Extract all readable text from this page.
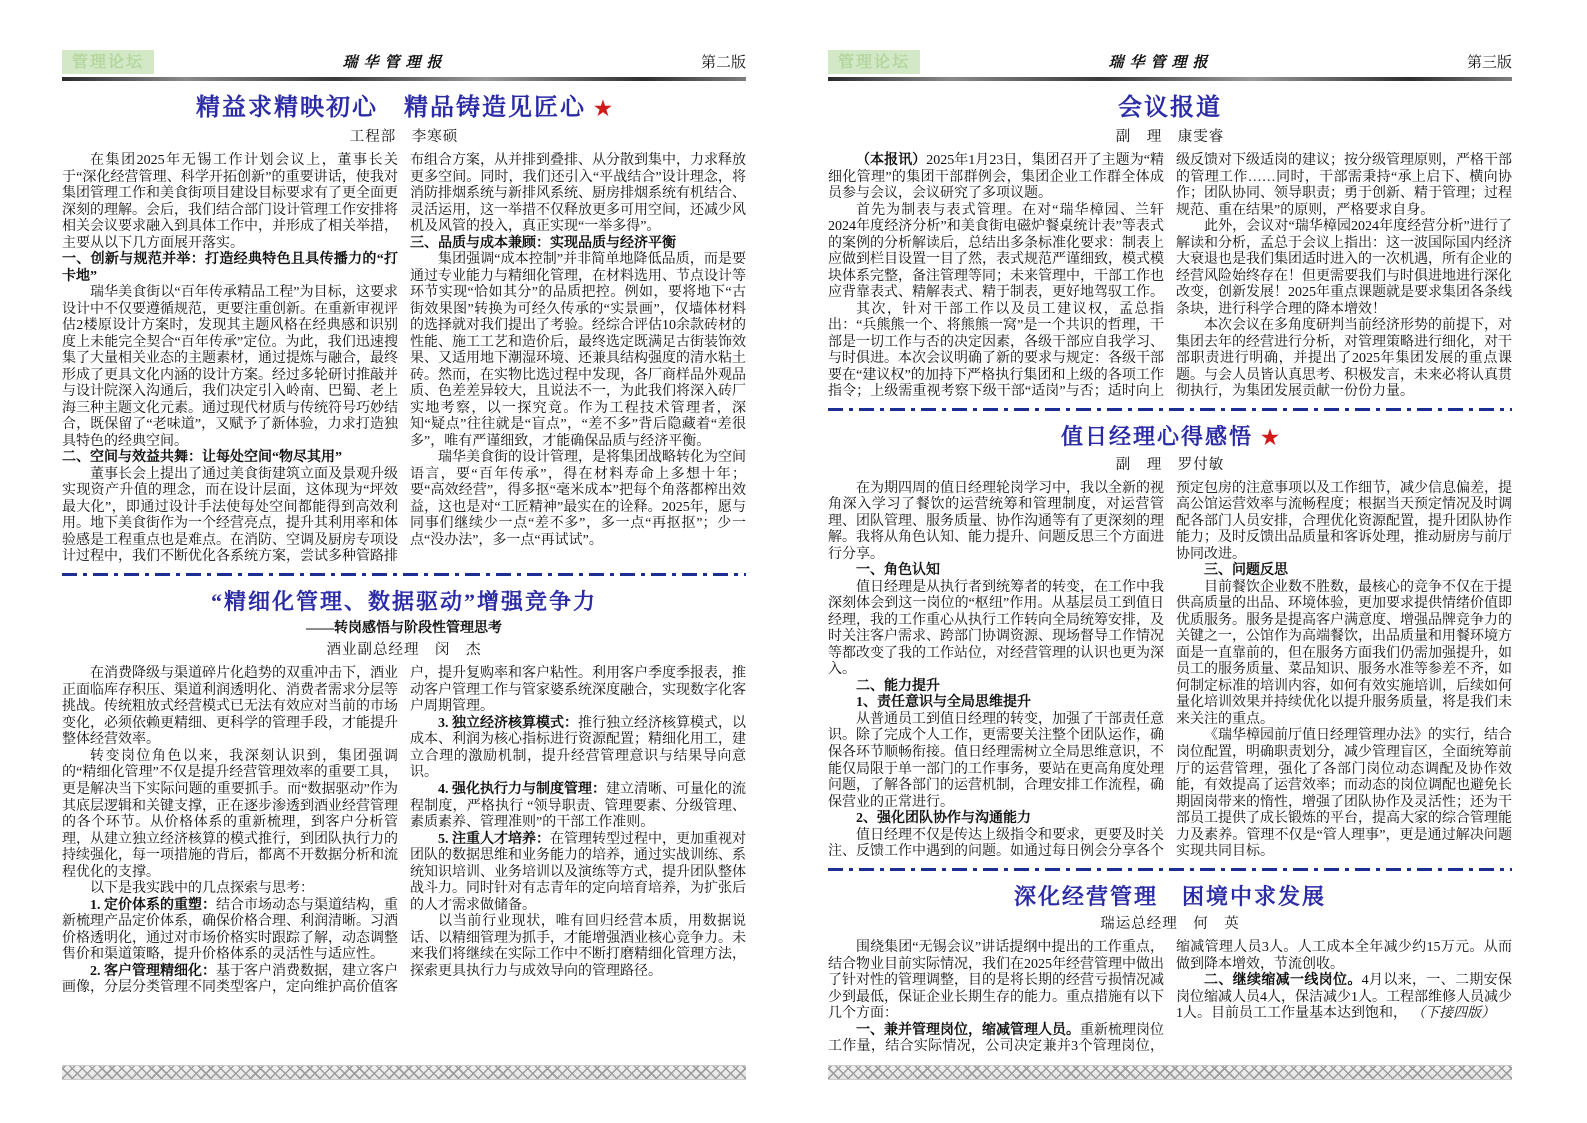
管理论坛	瑞华管理报	第二版
精益求精映初心　精品铸造见匠心 ★
工程部　李寒硕

在集团2025年无锡工作计划会议上，董事长关于“深化经营管理、科学开拓创新”的重要讲话，使我对集团管理工作和美食街项目建设目标要求有了更全面更深刻的理解。会后，我们结合部门设计管理工作安排将相关会议要求融入到具体工作中，并形成了相关举措，主要从以下几方面展开落实。

一、创新与规范并举：打造经典特色且具传播力的“打卡地”

瑞华美食街以“百年传承精品工程”为目标，这要求设计中不仅要遵循规范，更要注重创新。在重新审视评估2楼原设计方案时，发现其主题风格在经典感和识别度上未能完全契合“百年传承”定位。为此，我们迅速搜集了大量相关业态的主题素材，通过提炼与融合，最终形成了更具文化内涵的设计方案。经过多轮研讨推敲并与设计院深入沟通后，我们决定引入岭南、巴蜀、老上海三种主题文化元素。通过现代材质与传统符号巧妙结合，既保留了“老味道”，又赋予了新体验，力求打造独具特色的经典空间。

二、空间与效益共舞：让每处空间“物尽其用”

董事长会上提出了通过美食街建筑立面及景观升级实现资产升值的理念，而在设计层面，这体现为“坪效最大化”，即通过设计手法使每处空间都能得到高效利用。地下美食街作为一个经营亮点，提升其利用率和体验感是工程重点也是难点。在消防、空调及厨房专项设计过程中，我们不断优化各系统方案，尝试多种管路排布组合方案，从并排到叠排、从分散到集中，力求释放更多空间。同时，我们还引入“平战结合”设计理念，将消防排烟系统与新排风系统、厨房排烟系统有机结合、灵活运用，这一举措不仅释放更多可用空间，还减少风机及风管的投入，真正实现“一举多得”。

三、品质与成本兼顾：实现品质与经济平衡

集团强调“成本控制”并非简单地降低品质，而是要通过专业能力与精细化管理，在材料选用、节点设计等环节实现“恰如其分”的品质把控。例如，要将地下“古街效果图”转换为可经久传承的“实景画”，仅墙体材料的选择就对我们提出了考验。经综合评估10余款砖材的性能、施工工艺和造价后，最终选定既满足古街装饰效果、又适用地下潮湿环境、还兼具结构强度的清水粘土砖。然而，在实物比选过程中发现，各厂商样品外观品质、色差差异较大，且说法不一，为此我们将深入砖厂实地考察，以一探究竟。作为工程技术管理者，深知“疑点”往往就是“盲点”，“差不多”背后隐藏着“差很多”，唯有严谨细致，才能确保品质与经济平衡。

瑞华美食街的设计管理，是将集团战略转化为空间语言，要“百年传承”，得在材料寿命上多想十年；要“高效经营”，得多抠“毫米成本”把每个角落都榨出效益，这也是对“工匠精神”最实在的诠释。2025年，愿与同事们继续少一点“差不多”，多一点“再抠抠”；少一点“没办法”，多一点“再试试”。

“精细化管理、数据驱动”增强竞争力
——转岗感悟与阶段性管理思考
酒业副总经理　闵　杰

在消费降级与渠道碎片化趋势的双重冲击下，酒业正面临库存积压、渠道利润透明化、消费者需求分层等挑战。传统粗放式经营模式已无法有效应对当前的市场变化，必须依赖更精细、更科学的管理手段，才能提升整体经营效率。

转变岗位角色以来，我深刻认识到，集团强调的“精细化管理”不仅是提升经营管理效率的重要工具，更是解决当下实际问题的重要抓手。而“数据驱动”作为其底层逻辑和关键支撑，正在逐步渗透到酒业经营管理的各个环节。从价格体系的重新梳理，到客户分析管理，从建立独立经济核算的模式推行，到团队执行力的持续强化，每一项措施的背后，都离不开数据分析和流程优化的支撑。

以下是我实践中的几点探索与思考：

1. 定价体系的重塑：结合市场动态与渠道结构，重新梳理产品定价体系，确保价格合理、利润清晰。习酒价格透明化，通过对市场价格实时跟踪了解，动态调整售价和渠道策略，提升价格体系的灵活性与适应性。

2. 客户管理精细化：基于客户消费数据，建立客户画像，分层分类管理不同类型客户，定向维护高价值客户，提升复购率和客户粘性。利用客户季度季报表，推动客户管理工作与管家婆系统深度融合，实现数字化客户周期管理。

3. 独立经济核算模式：推行独立经济核算模式，以成本、利润为核心指标进行资源配置；精细化用工，建立合理的激励机制，提升经营管理意识与结果导向意识。

4. 强化执行力与制度管理：建立清晰、可量化的流程制度，严格执行 “领导职责、管理要素、分级管理、素质素养、管理准则”的干部工作准则。

5. 注重人才培养：在管理转型过程中，更加重视对团队的数据思维和业务能力的培养，通过实战训练、系统知识培训、业务培训以及演练等方式，提升团队整体战斗力。同时针对有志青年的定向培育培养，为扩张后的人才需求做储备。

以当前行业现状，唯有回归经营本质，用数据说话、以精细管理为抓手，才能增强酒业核心竞争力。未来我们将继续在实际工作中不断打磨精细化管理方法，探索更具执行力与成效导向的管理路径。

管理论坛	瑞华管理报	第三版
会议报道
副　理　康雯睿

（本报讯）2025年1月23日，集团召开了主题为“精细化管理”的集团干部群例会，集团企业工作群全体成员参与会议，会议研究了多项议题。

首先为制表与表式管理。在对“瑞华樟园、兰轩2024年度经济分析”和美食街电磁炉餐桌统计表”等表式的案例的分析解读后，总结出多条标准化要求：制表上应做到栏目设置一目了然，表式规范严谨细致，模式模块体系完整，备注管理等同；未来管理中，干部工作也应背靠表式、精解表式、精于制表，更好地驾驭工作。

其次，针对干部工作以及员工建议权，孟总指出：“兵熊熊一个、将熊熊一窝”是一个共识的哲理，干部是一切工作与否的决定因素，各级干部应自我学习、与时俱进。本次会议明确了新的要求与规定：各级干部要在“建议权”的加持下严格执行集团和上级的各项工作指令；上级需重视考察下级干部“适岗”与否；适时向上级反馈对下级适岗的建议；按分级管理原则，严格干部的管理工作……同时，干部需秉持“承上启下、横向协作；团队协同、领导职责；勇于创新、精于管理；过程规范、重在结果”的原则，严格要求自身。

此外，会议对“瑞华樟园2024年度经营分析”进行了解读和分析，孟总于会议上指出：这一波国际国内经济大衰退也是我们集团适时进入的一次机遇，所有企业的经营风险始终存在！但更需要我们与时俱进地进行深化改变，创新发展！2025年重点课题就是要求集团各条线条块，进行科学合理的降本增效！

本次会议在多角度研判当前经济形势的前提下，对集团去年的经营进行分析，对管理策略进行细化，对干部职责进行明确，并提出了2025年集团发展的重点课题。与会人员皆认真思考、积极发言，未来必将认真贯彻执行，为集团发展贡献一份份力量。

值日经理心得感悟 ★
副　理　罗付敏

在为期四周的值日经理轮岗学习中，我以全新的视角深入学习了餐饮的运营统筹和管理制度，对运营管理、团队管理、服务质量、协作沟通等有了更深刻的理解。我将从角色认知、能力提升、问题反思三个方面进行分享。

一、角色认知

值日经理是从执行者到统筹者的转变，在工作中我深刻体会到这一岗位的“枢纽”作用。从基层员工到值日经理，我的工作重心从执行工作转向全局统筹安排，及时关注客户需求、跨部门协调资源、现场督导工作情况等都改变了我的工作站位，对经营管理的认识也更为深入。

二、能力提升

1、责任意识与全局思维提升

从普通员工到值日经理的转变，加强了干部责任意识。除了完成个人工作，更需要关注整个团队运作，确保各环节顺畅衔接。值日经理需树立全局思维意识，不能仅局限于单一部门的工作事务，要站在更高角度处理问题，了解各部门的运营机制，合理安排工作流程，确保营业的正常进行。

2、强化团队协作与沟通能力

值日经理不仅是传达上级指令和要求，更要及时关注、反馈工作中遇到的问题。如通过每日例会分享各个预定包房的注意事项以及工作细节，减少信息偏差，提高公馆运营效率与流畅程度；根据当天预定情况及时调配各部门人员安排，合理优化资源配置，提升团队协作能力；及时反馈出品质量和客诉处理，推动厨房与前厅协同改进。

三、问题反思

目前餐饮企业数不胜数，最核心的竞争不仅在于提供高质量的出品、环境体验，更加要求提供情绪价值即优质服务。服务是提高客户满意度、增强品牌竞争力的关键之一，公馆作为高端餐饮，出品质量和用餐环境方面是一直靠前的，但在服务方面我们仍需加强提升，如员工的服务质量、菜品知识、服务水准等参差不齐，如何制定标准的培训内容，如何有效实施培训，后续如何量化培训效果并持续优化以提升服务质量，将是我们未来关注的重点。

《瑞华樟园前厅值日经理管理办法》的实行，结合岗位配置，明确职责划分，减少管理盲区，全面统筹前厅的运营管理，强化了各部门岗位动态调配及协作效能，有效提高了运营效率；而动态的岗位调配也避免长期固岗带来的惰性，增强了团队协作及灵活性；还为干部员工提供了成长锻炼的平台，提高大家的综合管理能力及素养。管理不仅是“管人理事”，更是通过解决问题实现共同目标。

深化经营管理　困境中求发展
瑞运总经理　何　英

围绕集团“无锡会议”讲话提纲中提出的工作重点，结合物业目前实际情况，我们在2025年经营管理中做出了针对性的管理调整，目的是将长期的经营亏损情况减少到最低，保证企业长期生存的能力。重点措施有以下几个方面：

一、兼并管理岗位，缩减管理人员。重新梳理岗位工作量，结合实际情况，公司决定兼并3个管理岗位，缩减管理人员3人。人工成本全年减少约15万元。从而做到降本增效，节流创收。

二、继续缩减一线岗位。4月以来，一、二期安保岗位缩减人员4人，保洁减少1人。工程部维修人员减少1人。目前员工工作量基本达到饱和， （下接四版）
